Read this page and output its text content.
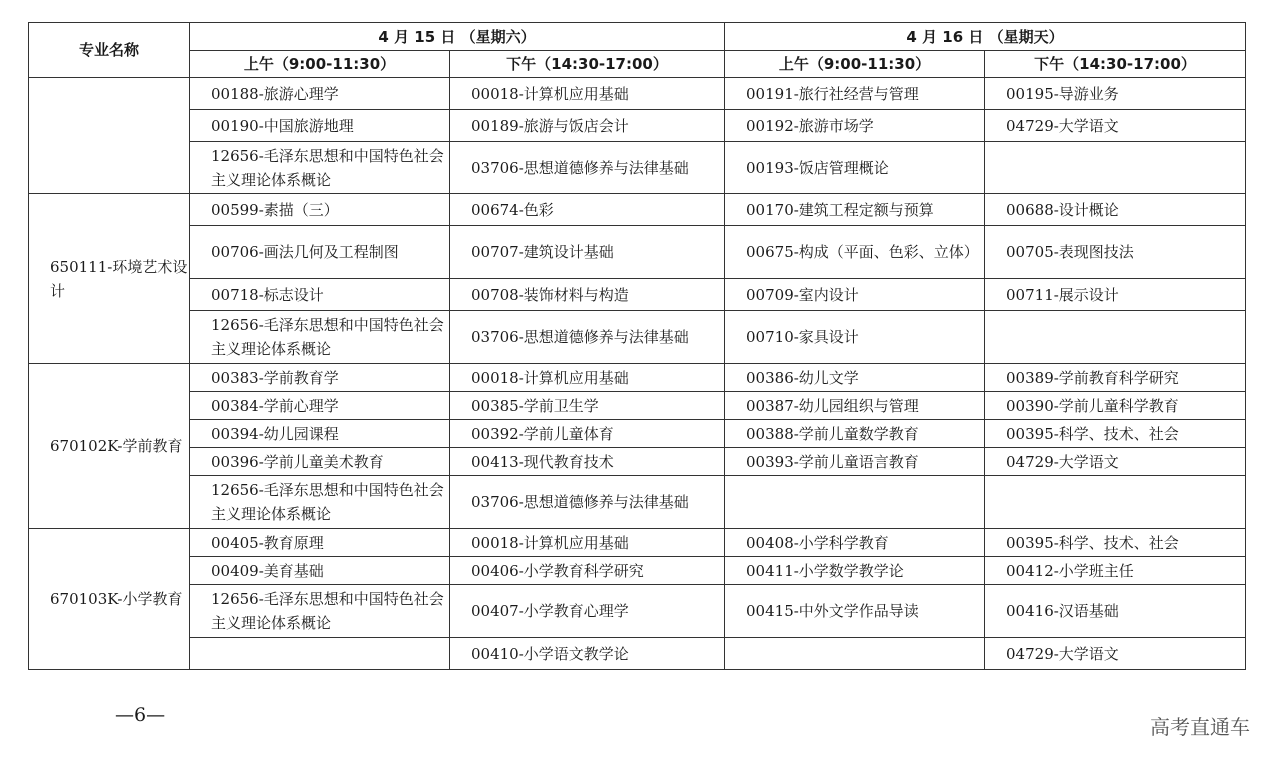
专业名称	4 月 15 日 （星期六）		4 月 16 日 （星期天）	
	上午（9:00-11:30）	下午（14:30-17:00）	上午（9:00-11:30）	下午（14:30-17:00）
	00188-旅游心理学	00018-计算机应用基础	00191-旅行社经营与管理	00195-导游业务
	00190-中国旅游地理	00189-旅游与饭店会计	00192-旅游市场学	04729-大学语文
	12656-毛泽东思想和中国特色社会主义理论体系概论	03706-思想道德修养与法律基础	00193-饭店管理概论	
650111-环境艺术设计	00599-素描（三）	00674-色彩	00170-建筑工程定额与预算	00688-设计概论
	00706-画法几何及工程制图	00707-建筑设计基础	00675-构成（平面、色彩、立体）	00705-表现图技法
	00718-标志设计	00708-装饰材料与构造	00709-室内设计	00711-展示设计
	12656-毛泽东思想和中国特色社会主义理论体系概论	03706-思想道德修养与法律基础	00710-家具设计	
670102K-学前教育	00383-学前教育学	00018-计算机应用基础	00386-幼儿文学	00389-学前教育科学研究
	00384-学前心理学	00385-学前卫生学	00387-幼儿园组织与管理	00390-学前儿童科学教育
	00394-幼儿园课程	00392-学前儿童体育	00388-学前儿童数学教育	00395-科学、技术、社会
	00396-学前儿童美术教育	00413-现代教育技术	00393-学前儿童语言教育	04729-大学语文
	12656-毛泽东思想和中国特色社会主义理论体系概论	03706-思想道德修养与法律基础		
670103K-小学教育	00405-教育原理	00018-计算机应用基础	00408-小学科学教育	00395-科学、技术、社会
	00409-美育基础	00406-小学教育科学研究	00411-小学数学教学论	00412-小学班主任
	12656-毛泽东思想和中国特色社会主义理论体系概论	00407-小学教育心理学	00415-中外文学作品导读	00416-汉语基础
		00410-小学语文教学论		04729-大学语文
—6—	高考直通车
